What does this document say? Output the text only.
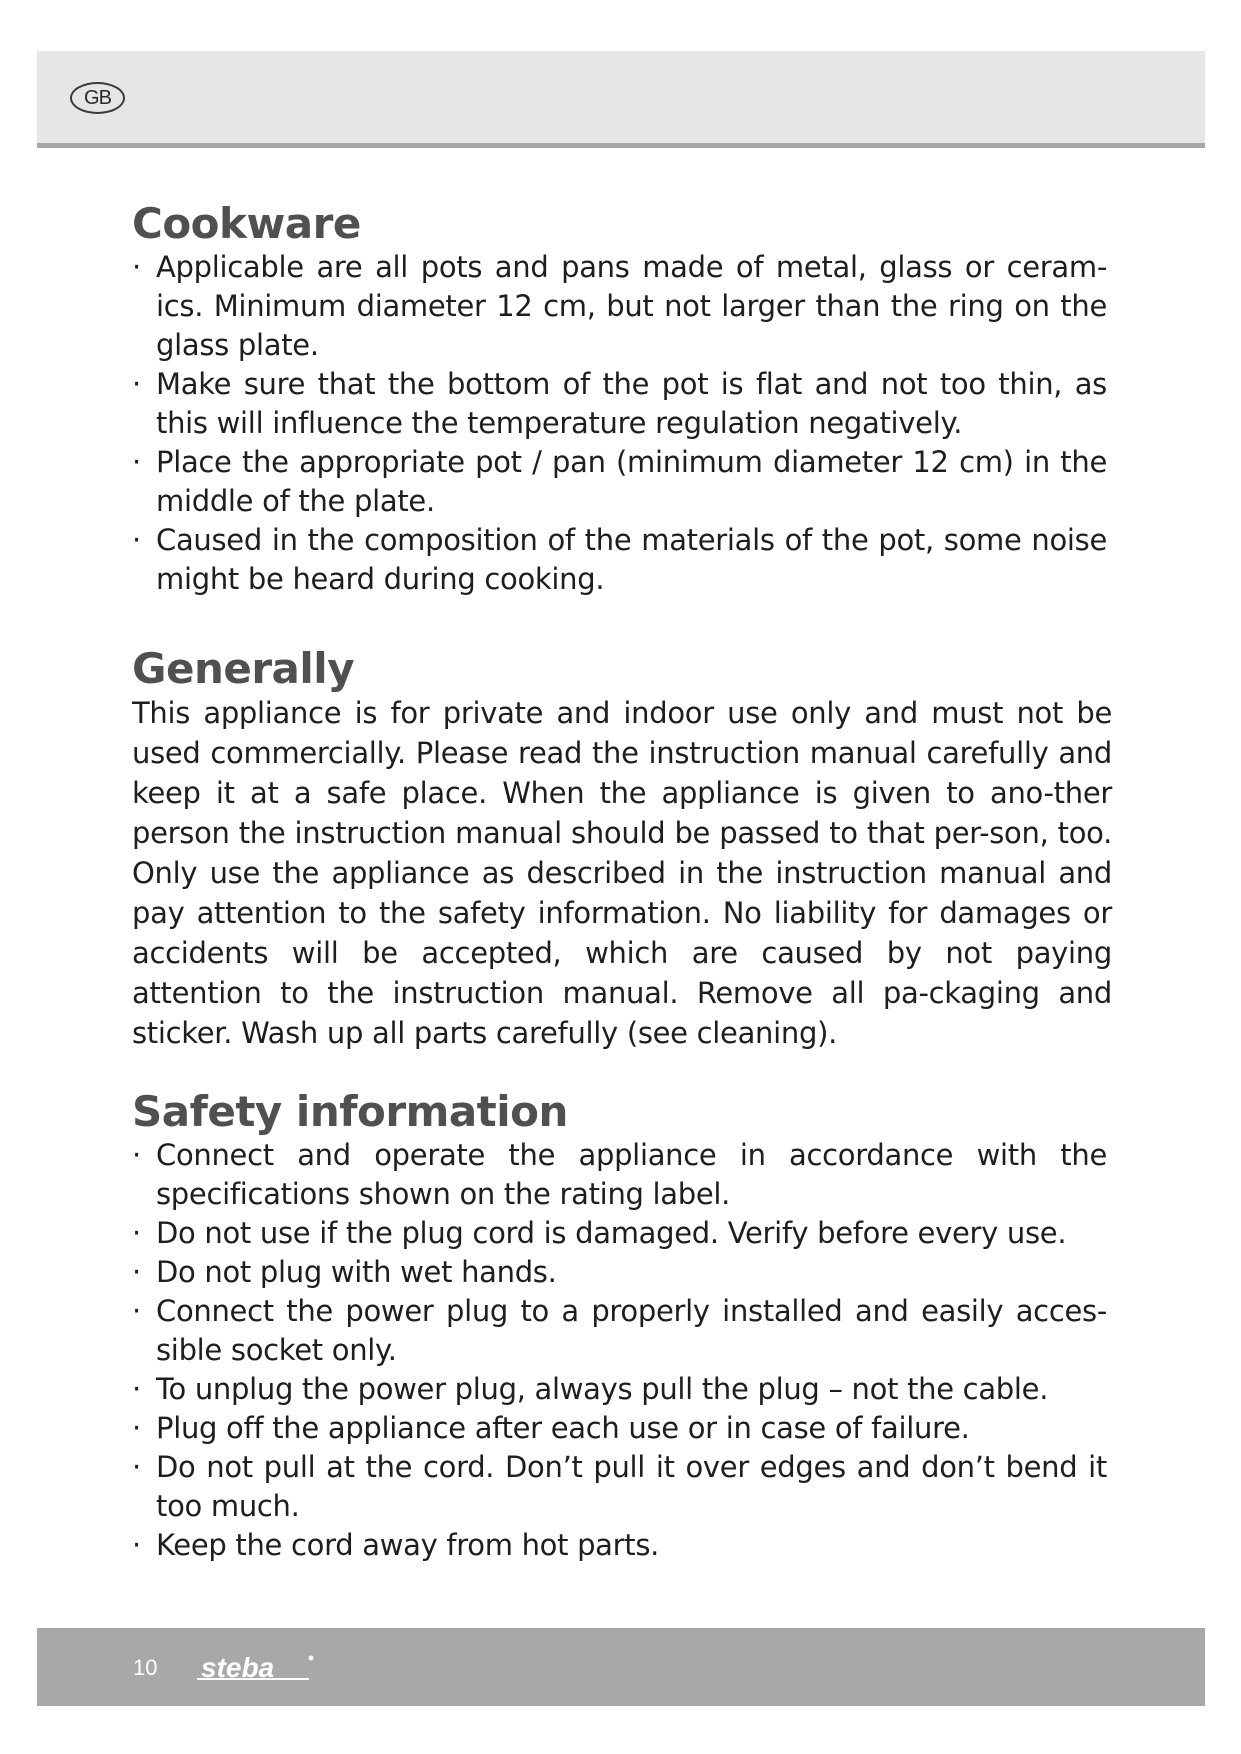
GB
Cookware
· Applicable are all pots and pans made of metal, glass or ceram-ics. Minimum diameter 12 cm, but not larger than the ring on the glass plate.
· Make sure that the bottom of the pot is flat and not too thin, as this will influence the temperature regulation negatively.
· Place the appropriate pot / pan (minimum diameter 12 cm) in the middle of the plate.
· Caused in the composition of the materials of the pot, some noise might be heard during cooking.
Generally

This appliance is for private and indoor use only and must not be used commercially. Please read the instruction manual carefully and keep it at a safe place. When the appliance is given to ano-ther person the instruction manual should be passed to that per-son, too. Only use the appliance as described in the instruction manual and pay attention to the safety information. No liability for damages or accidents will be accepted, which are caused by not paying attention to the instruction manual. Remove all pa-ckaging and sticker. Wash up all parts carefully (see cleaning).

Safety information
· Connect and operate the appliance in accordance with the specifications shown on the rating label.
· Do not use if the plug cord is damaged. Verify before every use.
· Do not plug with wet hands.
· Connect the power plug to a properly installed and easily acces-sible socket only.
· To unplug the power plug, always pull the plug – not the cable.
· Plug off the appliance after each use or in case of failure.
· Do not pull at the cord. Don’t pull it over edges and don’t bend it too much.
· Keep the cord away from hot parts.
10 steba
